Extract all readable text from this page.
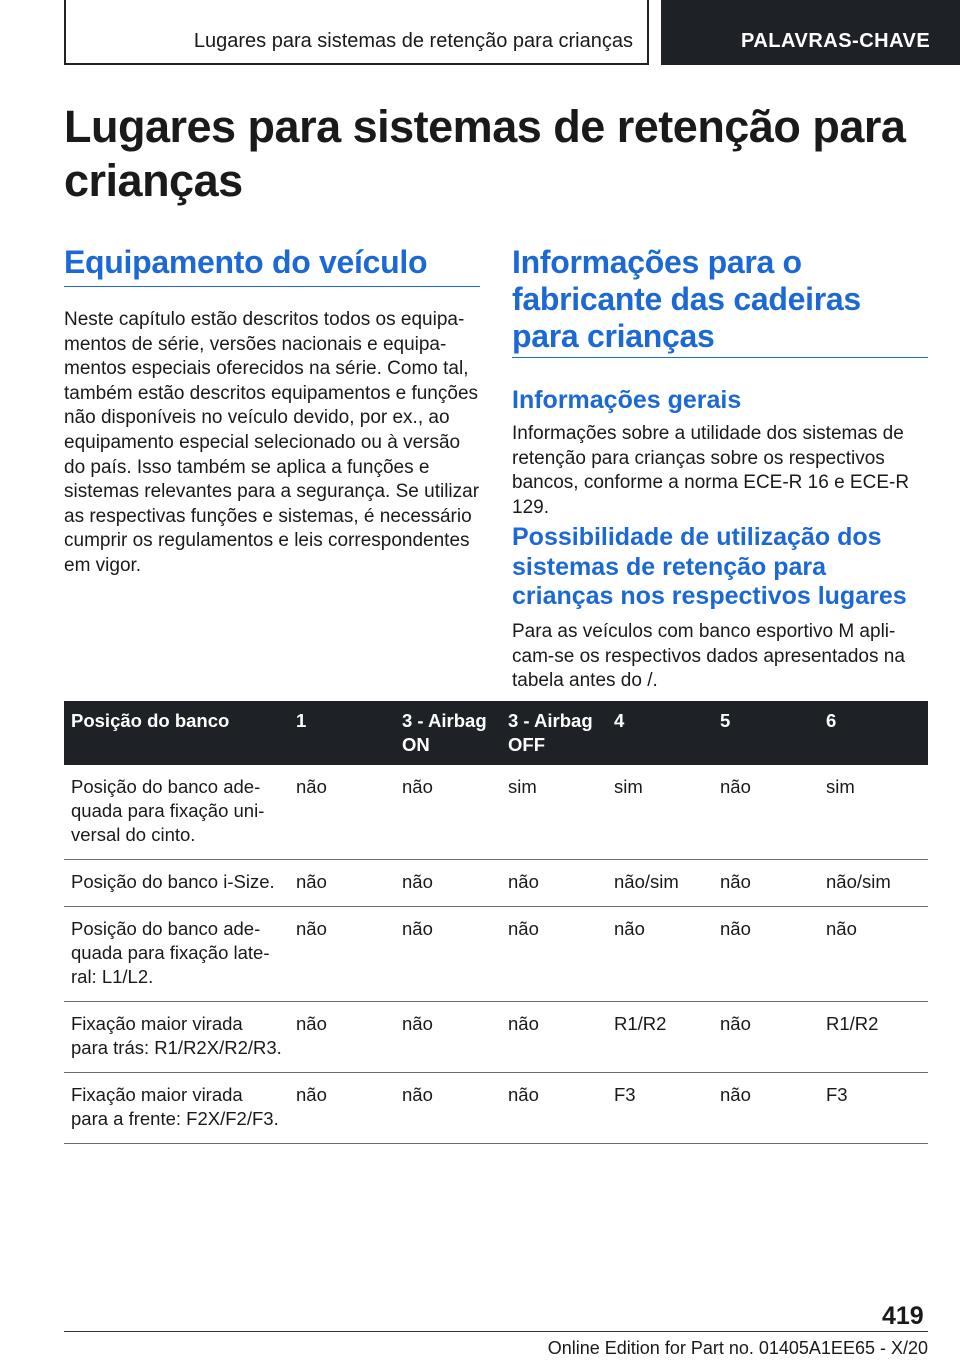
Lugares para sistemas de retenção para crianças	PALAVRAS-CHAVE
Lugares para sistemas de retenção para crianças
Equipamento do veículo
Neste capítulo estão descritos todos os equipamentos de série, versões nacionais e equipamentos especiais oferecidos na série. Como tal, também estão descritos equipamentos e funções não disponíveis no veículo devido, por ex., ao equipamento especial selecionado ou à versão do país. Isso também se aplica a funções e sistemas relevantes para a segurança. Se utilizar as respectivas funções e sistemas, é necessário cumprir os regulamentos e leis correspondentes em vigor.
Informações para o fabricante das cadeiras para crianças
Informações gerais
Informações sobre a utilidade dos sistemas de retenção para crianças sobre os respectivos bancos, conforme a norma ECE-R 16 e ECE-R 129.
Possibilidade de utilização dos sistemas de retenção para crianças nos respectivos lugares
Para as veículos com banco esportivo M aplicam-se os respectivos dados apresentados na tabela antes do /.
Posição do banco	1	3 - Airbag ON	3 - Airbag OFF	4	5	6
Posição do banco adequada para fixação universal do cinto.	não	não	sim	sim	não	sim
Posição do banco i-Size.	não	não	não	não/sim	não	não/sim
Posição do banco adequada para fixação lateral: L1/L2.	não	não	não	não	não	não
Fixação maior virada para trás: R1/R2X/R2/R3.	não	não	não	R1/R2	não	R1/R2
Fixação maior virada para a frente: F2X/F2/F3.	não	não	não	F3	não	F3
419
Online Edition for Part no. 01405A1EE65 - X/20
